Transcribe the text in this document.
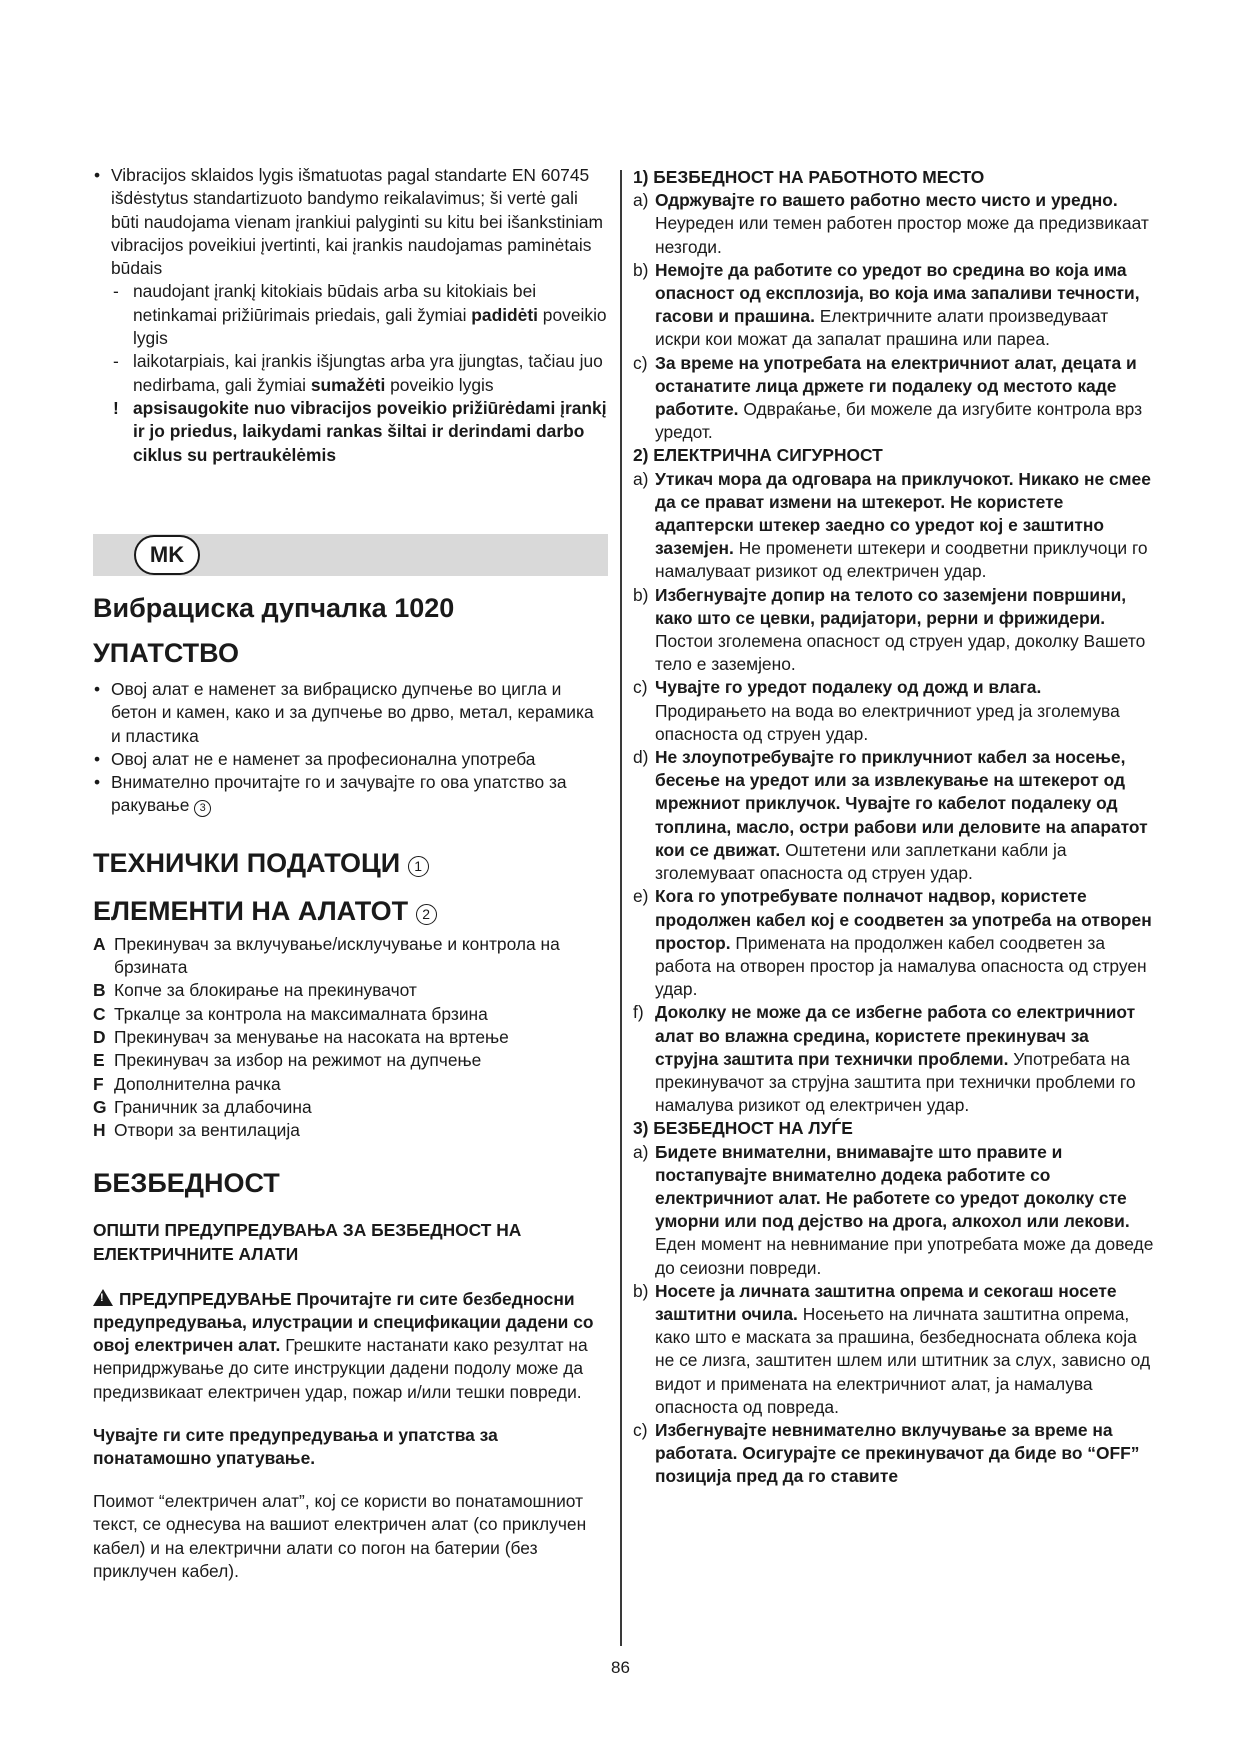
• Vibracijos sklaidos lygis išmatuotas pagal standarte EN 60745 išdėstytus standartizuoto bandymo reikalavimus; ši vertė gali būti naudojama vienam įrankiui palyginti su kitu bei išankstiniam vibracijos poveikiui įvertinti, kai įrankis naudojamas paminėtais būdais
- naudojant įrankį kitokiais būdais arba su kitokiais bei netinkamai prižiūrimais priedais, gali žymiai padidėti poveikio lygis
- laikotarpiais, kai įrankis išjungtas arba yra įjungtas, tačiau juo nedirbama, gali žymiai sumažėti poveikio lygis
! apsisaugokite nuo vibracijos poveikio prižiūrėdami įrankį ir jo priedus, laikydami rankas šiltai ir derindami darbo ciklus su pertraukėlėmis
MK
Вибрациска дупчалка 1020
УПАТСТВО
• Овој алат е наменет за вибрациско дупчење во цигла и бетон и камен, како и за дупчење во дрво, метал, керамика и пластика
• Овој алат не е наменет за професионална употреба
• Внимателно прочитајте го и зачувајте го ова упатство за ракување 3
ТЕХНИЧКИ ПОДАТОЦИ 1
ЕЛЕМЕНТИ НА АЛАТОТ 2
A Прекинувач за вклучување/исклучување и контрола на брзината
B Копче за блокирање на прекинувачот
C Тркалце за контрола на максималната брзина
D Прекинувач за менување на насоката на вртење
E Прекинувач за избор на режимот на дупчење
F Дополнителна рачка
G Граничник за длабочина
H Отвори за вентилација
БЕЗБЕДНОСТ
ОПШТИ ПРЕДУПРЕДУВАЊА ЗА БЕЗБЕДНОСТ НА ЕЛЕКТРИЧНИТЕ АЛАТИ
!ПРЕДУПРЕДУВАЊЕ Прочитајте ги сите безбедносни предупредувања, илустрации и спецификации дадени со овој електричен алат. Грешките настанати како резултат на непридржување до сите инструкции дадени подолу може да предизвикаат електричен удар, пожар и/или тешки повреди.
Чувајте ги сите предупредувања и упатства за понатамошно упатување.
Поимот “електричен алат”, кој се користи во понатамошниот текст, се однесува на вашиот електричен алат (со приклучен кабел) и на електрични алати со погон на батерии (без приклучен кабел).
1) БЕЗБЕДНОСТ НА РАБОТНОТО МЕСТО
a) Одржувајте го вашето работно место чисто и уредно. Неуреден или темен работен простор може да предизвикаат незгоди.
b) Немојте да работите со уредот во средина во која има опасност од експлозија, во која има запаливи течности, гасови и прашина. Електричните алати произведуваат искри кои можат да запалат прашина или пареа.
c) За време на употребата на електричниот алат, децата и останатите лица држете ги подалеку од местото каде работите. Одвраќање, би можеле да изгубите контрола врз уредот.
2) ЕЛЕКТРИЧНА СИГУРНОСТ
a) Утикач мора да одговара на приклучокот. Никако не смее да се прават измени на штекерот. Не користете адаптерски штекер заедно со уредот кој е заштитно заземјен. Не променети штекери и соодветни приклучоци го намалуваат ризикот од електричен удар.
b) Избегнувајте допир на телото со заземјени површини, како што се цевки, радијатори, рерни и фрижидери. Постои зголемена опасност од струен удар, доколку Вашето тело е заземјено.
c) Чувајте го уредот подалеку од дожд и влага. Продирањето на вода во електричниот уред ја зголемува опасноста од струен удар.
d) Не злоупотребувајте го приклучниот кабел за носење, бесење на уредот или за извлекување на штекерот од мрежниот приклучок. Чувајте го кабелот подалеку од топлина, масло, остри рабови или деловите на апаратот кои се движат. Оштетени или заплеткани кабли ја зголемуваат опасноста од струен удар.
e) Кога го употребувате полначот надвор, користете продолжен кабел кој е соодветен за употреба на отворен простор. Примената на продолжен кабел соодветен за работа на отворен простор ја намалува опасноста од струен удар.
f) Доколку не може да се избегне работа со електричниот алат во влажна средина, користете прекинувач за струјна заштита при технички проблеми. Употребата на прекинувачот за струјна заштита при технички проблеми го намалува ризикот од електричен удар.
3) БЕЗБЕДНОСТ НА ЛУЃЕ
a) Бидете внимателни, внимавајте што правите и постапувајте внимателно додека работите со електричниот алат. Не работете со уредот доколку сте уморни или под дејство на дрога, алкохол или лекови. Еден момент на невнимание при употребата може да доведе до сеиозни повреди.
b) Носете ја личната заштитна опрема и секогаш носете заштитни очила. Носењето на личната заштитна опрема, како што е маската за прашина, безбедносната облека која не се лизга, заштитен шлем или штитник за слух, зависно од видот и примената на електричниот алат, ја намалува опасноста од повреда.
c) Избегнувајте невнимателно вклучување за време на работата. Осигурајте се прекинувачот да биде во “OFF” позиција пред да го ставите
86
